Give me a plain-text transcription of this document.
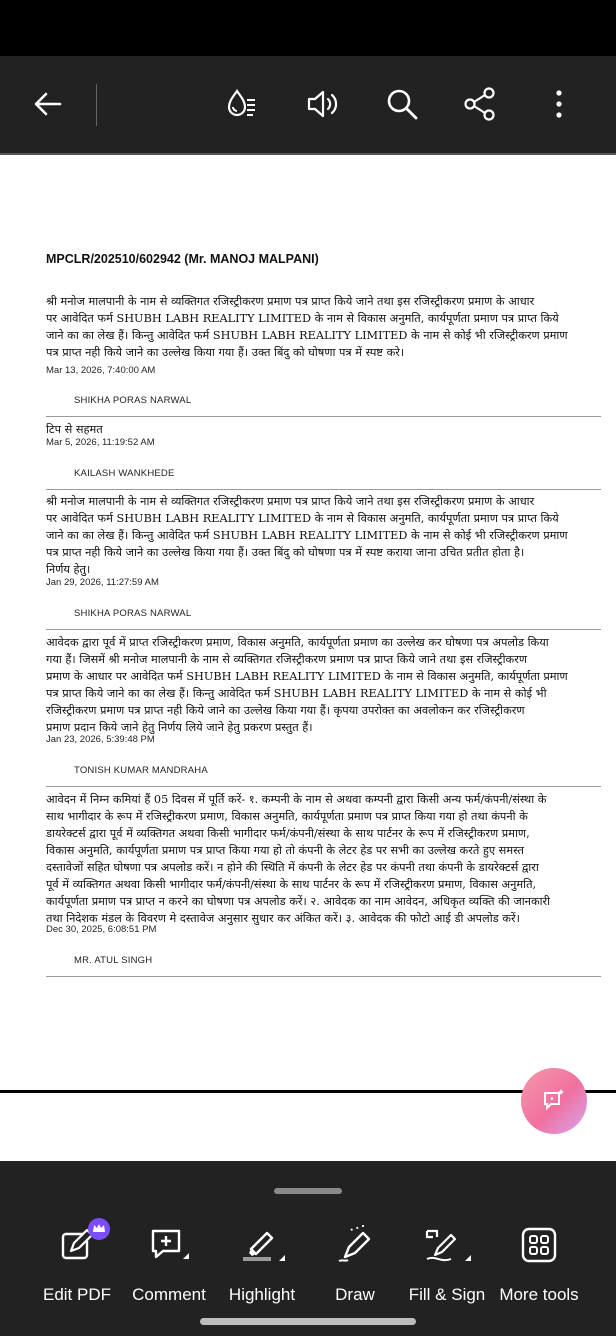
MPCLR/202510/602942 (Mr. MANOJ MALPANI)
श्री मनोज मालपानी के नाम से व्यक्तिगत रजिस्ट्रीकरण प्रमाण पत्र प्राप्त किये जाने तथा इस रजिस्ट्रीकरण प्रमाण के आधार
पर आवेदित फर्म SHUBH LABH REALITY LIMITED के नाम से विकास अनुमति, कार्यपूर्णता प्रमाण पत्र प्राप्त किये
जाने का का लेख हैं। किन्तु आवेदित फर्म SHUBH LABH REALITY LIMITED के नाम से कोई भी रजिस्ट्रीकरण प्रमाण
पत्र प्राप्त नही किये जाने का उल्लेख किया गया हैं। उक्त बिंदु को घोषणा पत्र में स्पष्ट करे।
Mar 13, 2026, 7:40:00 AM
SHIKHA PORAS NARWAL
टिप से सहमत
Mar 5, 2026, 11:19:52 AM
KAILASH WANKHEDE
श्री मनोज मालपानी के नाम से व्यक्तिगत रजिस्ट्रीकरण प्रमाण पत्र प्राप्त किये जाने तथा इस रजिस्ट्रीकरण प्रमाण के आधार
पर आवेदित फर्म SHUBH LABH REALITY LIMITED के नाम से विकास अनुमति, कार्यपूर्णता प्रमाण पत्र प्राप्त किये
जाने का का लेख हैं। किन्तु आवेदित फर्म SHUBH LABH REALITY LIMITED के नाम से कोई भी रजिस्ट्रीकरण प्रमाण
पत्र प्राप्त नही किये जाने का उल्लेख किया गया हैं। उक्त बिंदु को घोषणा पत्र में स्पष्ट कराया जाना उचित प्रतीत होता है।
निर्णय हेतु।
Jan 29, 2026, 11:27:59 AM
SHIKHA PORAS NARWAL
आवेदक द्वारा पूर्व में प्राप्त रजिस्ट्रीकरण प्रमाण, विकास अनुमति, कार्यपूर्णता प्रमाण का उल्लेख कर घोषणा पत्र अपलोड किया
गया हैं। जिसमें श्री मनोज मालपानी के नाम से व्यक्तिगत रजिस्ट्रीकरण प्रमाण पत्र प्राप्त किये जाने तथा इस रजिस्ट्रीकरण
प्रमाण के आधार पर आवेदित फर्म SHUBH LABH REALITY LIMITED के नाम से विकास अनुमति, कार्यपूर्णता प्रमाण
पत्र प्राप्त किये जाने का का लेख हैं। किन्तु आवेदित फर्म SHUBH LABH REALITY LIMITED के नाम से कोई भी
रजिस्ट्रीकरण प्रमाण पत्र प्राप्त नही किये जाने का उल्लेख किया गया हैं। कृपया उपरोक्त का अवलोकन कर रजिस्ट्रीकरण
प्रमाण प्रदान किये जाने हेतु निर्णय लिये जाने हेतु प्रकरण प्रस्तुत हैं।
Jan 23, 2026, 5:39:48 PM
TONISH KUMAR MANDRAHA
आवेदन में निम्न कमियां हैं 05 दिवस में पूर्ति करें- १. कम्पनी के नाम से अथवा कम्पनी द्वारा किसी अन्य फर्म/कंपनी/संस्था के
साथ भागीदार के रूप में रजिस्ट्रीकरण प्रमाण, विकास अनुमति, कार्यपूर्णता प्रमाण पत्र प्राप्त किया गया हो तथा कंपनी के
डायरेक्टर्स द्वारा पूर्व में व्यक्तिगत अथवा किसी भागीदार फर्म/कंपनी/संस्था के साथ पार्टनर के रूप में रजिस्ट्रीकरण प्रमाण,
विकास अनुमति, कार्यपूर्णता प्रमाण पत्र प्राप्त किया गया हो तो कंपनी के लेटर हेड पर सभी का उल्लेख करते हुए समस्त
दस्तावेजों सहित घोषणा पत्र अपलोड करें। न होने की स्थिति में कंपनी के लेटर हेड पर कंपनी तथा कंपनी के डायरेक्टर्स द्वारा
पूर्व में व्यक्तिगत अथवा किसी भागीदार फर्म/कंपनी/संस्था के साथ पार्टनर के रूप में रजिस्ट्रीकरण प्रमाण, विकास अनुमति,
कार्यपूर्णता प्रमाण पत्र प्राप्त न करने का घोषणा पत्र अपलोड करें। २. आवेदक का नाम आवेदन, अधिकृत व्यक्ति की जानकारी
तथा निदेशक मंडल के विवरण मे दस्तावेज अनुसार सुधार कर अंकित करें। ३. आवेदक की फोटो आई डी अपलोड करें।
Dec 30, 2025, 6:08:51 PM
MR. ATUL SINGH
Edit PDF	Comment	Highlight	Draw	Fill & Sign More tools
